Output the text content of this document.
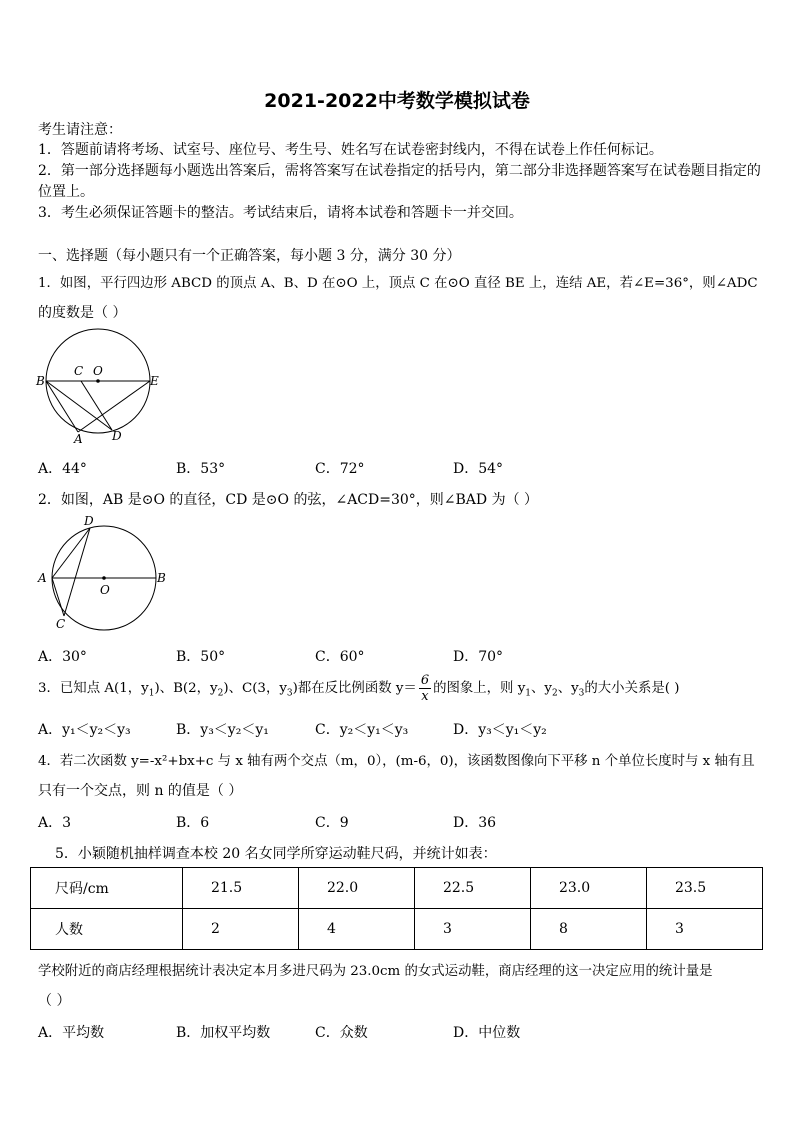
2021-2022中考数学模拟试卷
考生请注意：
1．答题前请将考场、试室号、座位号、考生号、姓名写在试卷密封线内，不得在试卷上作任何标记。
2．第一部分选择题每小题选出答案后，需将答案写在试卷指定的括号内，第二部分非选择题答案写在试卷题目指定的
位置上。
3．考生必须保证答题卡的整洁。考试结束后，请将本试卷和答题卡一并交回。
一、选择题（每小题只有一个正确答案，每小题 3 分，满分 30 分）
1．如图，平行四边形 ABCD 的顶点 A、B、D 在⊙O 上，顶点 C 在⊙O 直径 BE 上，连结 AE，若∠E=36°，则∠ADC
的度数是（ ）
B
C O
E
A D
A．44°	B．53°	C．72°	D．54°
2．如图，AB 是⊙O 的直径，CD 是⊙O 的弦，∠ACD=30°，则∠BAD 为（ ）
D
A
O
B
C
A．30°	B．50°	C．60°	D．70°
3．已知点 A(1，$y_1$)、B(2，$y_2$)、C(3，$y_3$)都在反比例函数 $y= \frac{6}{x}$ 的图象上，则 $y_1$、$y_2$、$y_3$的大小关系是( )
A．y₁＜y₂＜y₃	B．y₃＜y₂＜y₁	C．y₂＜y₁＜y₃	D．y₃＜y₁＜y₂
4．若二次函数 y=-x²+bx+c 与 x 轴有两个交点（m，0），(m-6，0)，该函数图像向下平移 n 个单位长度时与 x 轴有且
只有一个交点，则 n 的值是（ ）
A．3	B．6	C．9	D．36
5．小颖随机抽样调查本校 20 名女同学所穿运动鞋尺码，并统计如表：
尺码/cm	21.5	22.0	22.5	23.0	23.5
人数	2	4	3	8	3
学校附近的商店经理根据统计表决定本月多进尺码为 23.0cm 的女式运动鞋，商店经理的这一决定应用的统计量是
（ ）
A．平均数	B．加权平均数	C．众数	D．中位数
